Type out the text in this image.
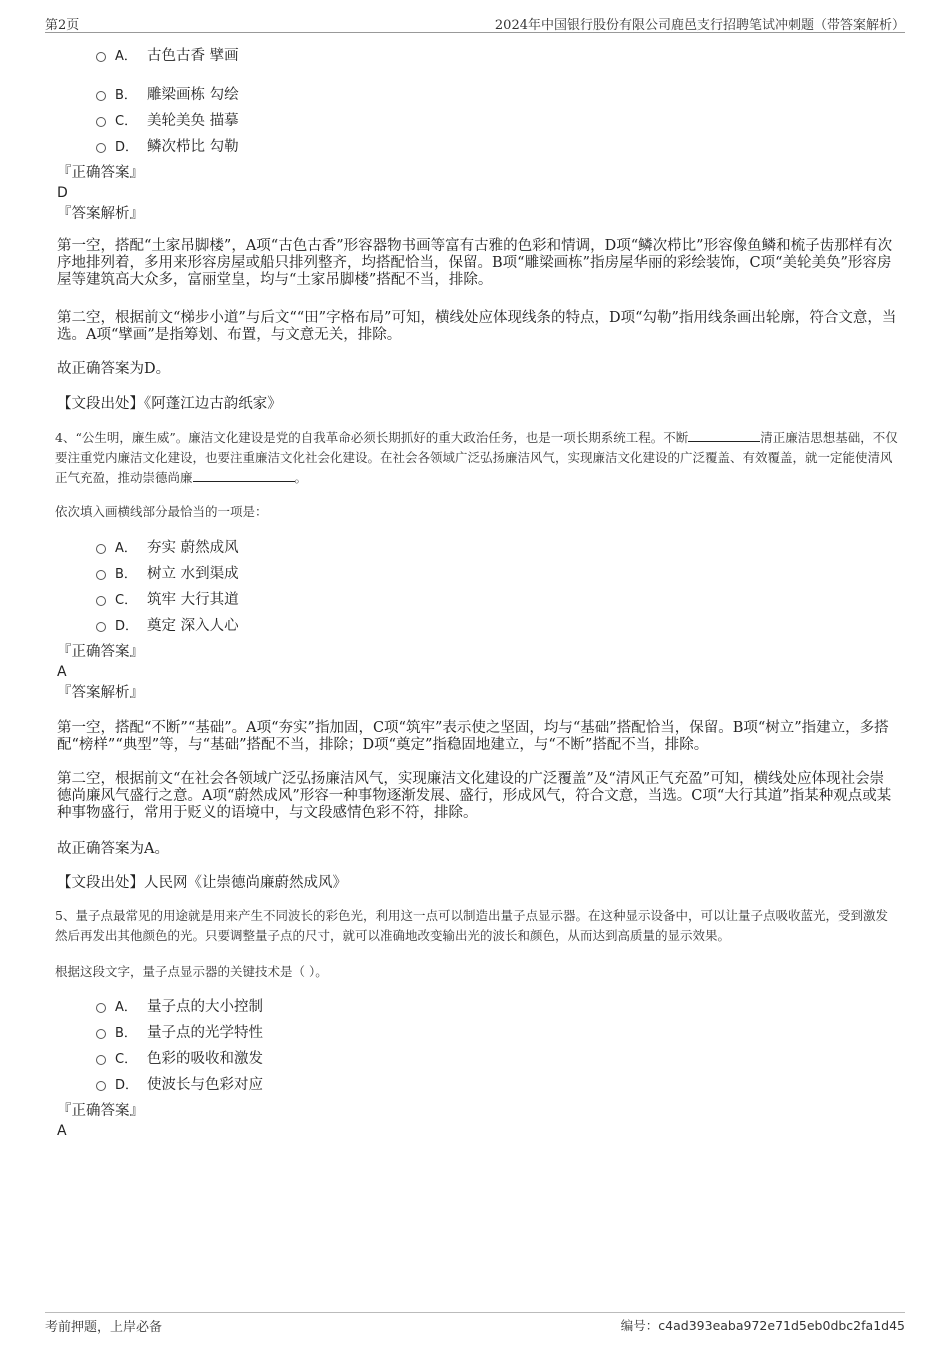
第2页	2024年中国银行股份有限公司鹿邑支行招聘笔试冲刺题（带答案解析）
A． 古色古香 擘画
B． 雕梁画栋 勾绘
C． 美轮美奂 描摹
D． 鳞次栉比 勾勒
『正确答案』
D
『答案解析』
第一空，搭配“土家吊脚楼”，A项“古色古香”形容器物书画等富有古雅的色彩和情调，D项“鳞次栉比”形容像鱼鳞和梳子齿那样有次序地排列着，多用来形容房屋或船只排列整齐，均搭配恰当，保留。B项“雕梁画栋”指房屋华丽的彩绘装饰，C项“美轮美奂”形容房屋等建筑高大众多，富丽堂皇，均与“土家吊脚楼”搭配不当，排除。
第二空，根据前文“梯步小道”与后文““田”字格布局”可知，横线处应体现线条的特点，D项“勾勒”指用线条画出轮廓，符合文意，当选。A项“擘画”是指筹划、布置，与文意无关，排除。
故正确答案为D。
【文段出处】《阿蓬江边古韵纸家》
4、“公生明，廉生威”。廉洁文化建设是党的自我革命必须长期抓好的重大政治任务，也是一项长期系统工程。不断	清正廉洁思想基础，不仅要注重党内廉洁文化建设，也要注重廉洁文化社会化建设。在社会各领域广泛弘扬廉洁风气，实现廉洁文化建设的广泛覆盖、有效覆盖，就一定能使清风正气充盈，推动崇德尚廉	。
依次填入画横线部分最恰当的一项是：
A． 夯实 蔚然成风
B． 树立 水到渠成
C． 筑牢 大行其道
D． 奠定 深入人心
『正确答案』
A
『答案解析』
第一空，搭配“不断”“基础”。A项“夯实”指加固，C项“筑牢”表示使之坚固，均与“基础”搭配恰当，保留。B项“树立”指建立，多搭配“榜样”“典型”等，与“基础”搭配不当，排除；D项“奠定”指稳固地建立，与“不断”搭配不当，排除。
第二空，根据前文“在社会各领域广泛弘扬廉洁风气，实现廉洁文化建设的广泛覆盖”及“清风正气充盈”可知，横线处应体现社会崇德尚廉风气盛行之意。A项“蔚然成风”形容一种事物逐渐发展、盛行，形成风气，符合文意，当选。C项“大行其道”指某种观点或某种事物盛行，常用于贬义的语境中，与文段感情色彩不符，排除。
故正确答案为A。
【文段出处】人民网《让崇德尚廉蔚然成风》
5、量子点最常见的用途就是用来产生不同波长的彩色光，利用这一点可以制造出量子点显示器。在这种显示设备中，可以让量子点吸收蓝光，受到激发然后再发出其他颜色的光。只要调整量子点的尺寸，就可以准确地改变输出光的波长和颜色，从而达到高质量的显示效果。
根据这段文字，量子点显示器的关键技术是（ ）。
A． 量子点的大小控制
B． 量子点的光学特性
C． 色彩的吸收和激发
D． 使波长与色彩对应
『正确答案』
A
考前押题，上岸必备	编号：c4ad393eaba972e71d5eb0dbc2fa1d45
